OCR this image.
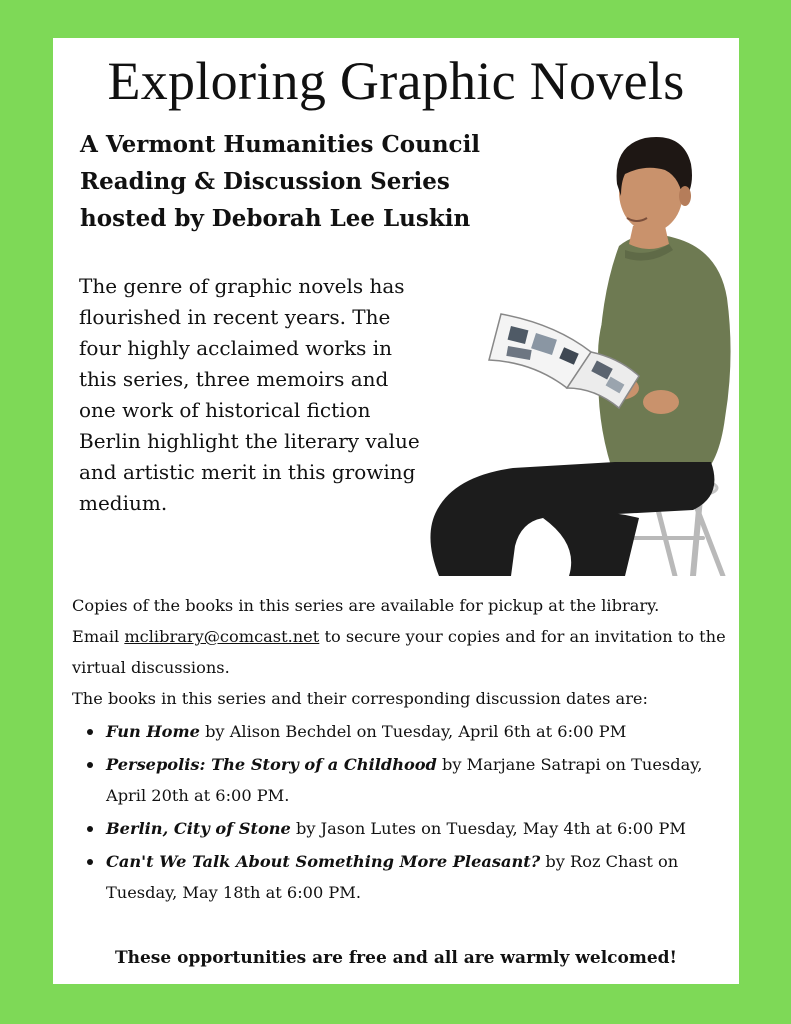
Exploring Graphic Novels
A Vermont Humanities Council
Reading & Discussion Series
hosted by Deborah Lee Luskin
The genre of graphic novels has flourished in recent years. The four highly acclaimed works in this series, three memoirs and one work of historical fiction Berlin highlight the literary value and artistic merit in this growing medium.

Copies of the books in this series are available for pickup at the library.

Email mclibrary@comcast.net to secure your copies and for an invitation to the virtual discussions.

The books in this series and their corresponding discussion dates are:

Fun Home by Alison Bechdel on Tuesday, April 6th at 6:00 PM
Persepolis: The Story of a Childhood by Marjane Satrapi on Tuesday, April 20th at 6:00 PM.
Berlin, City of Stone by Jason Lutes on Tuesday, May 4th at 6:00 PM
Can't We Talk About Something More Pleasant? by Roz Chast on Tuesday, May 18th at 6:00 PM.
These opportunities are free and all are warmly welcomed!
